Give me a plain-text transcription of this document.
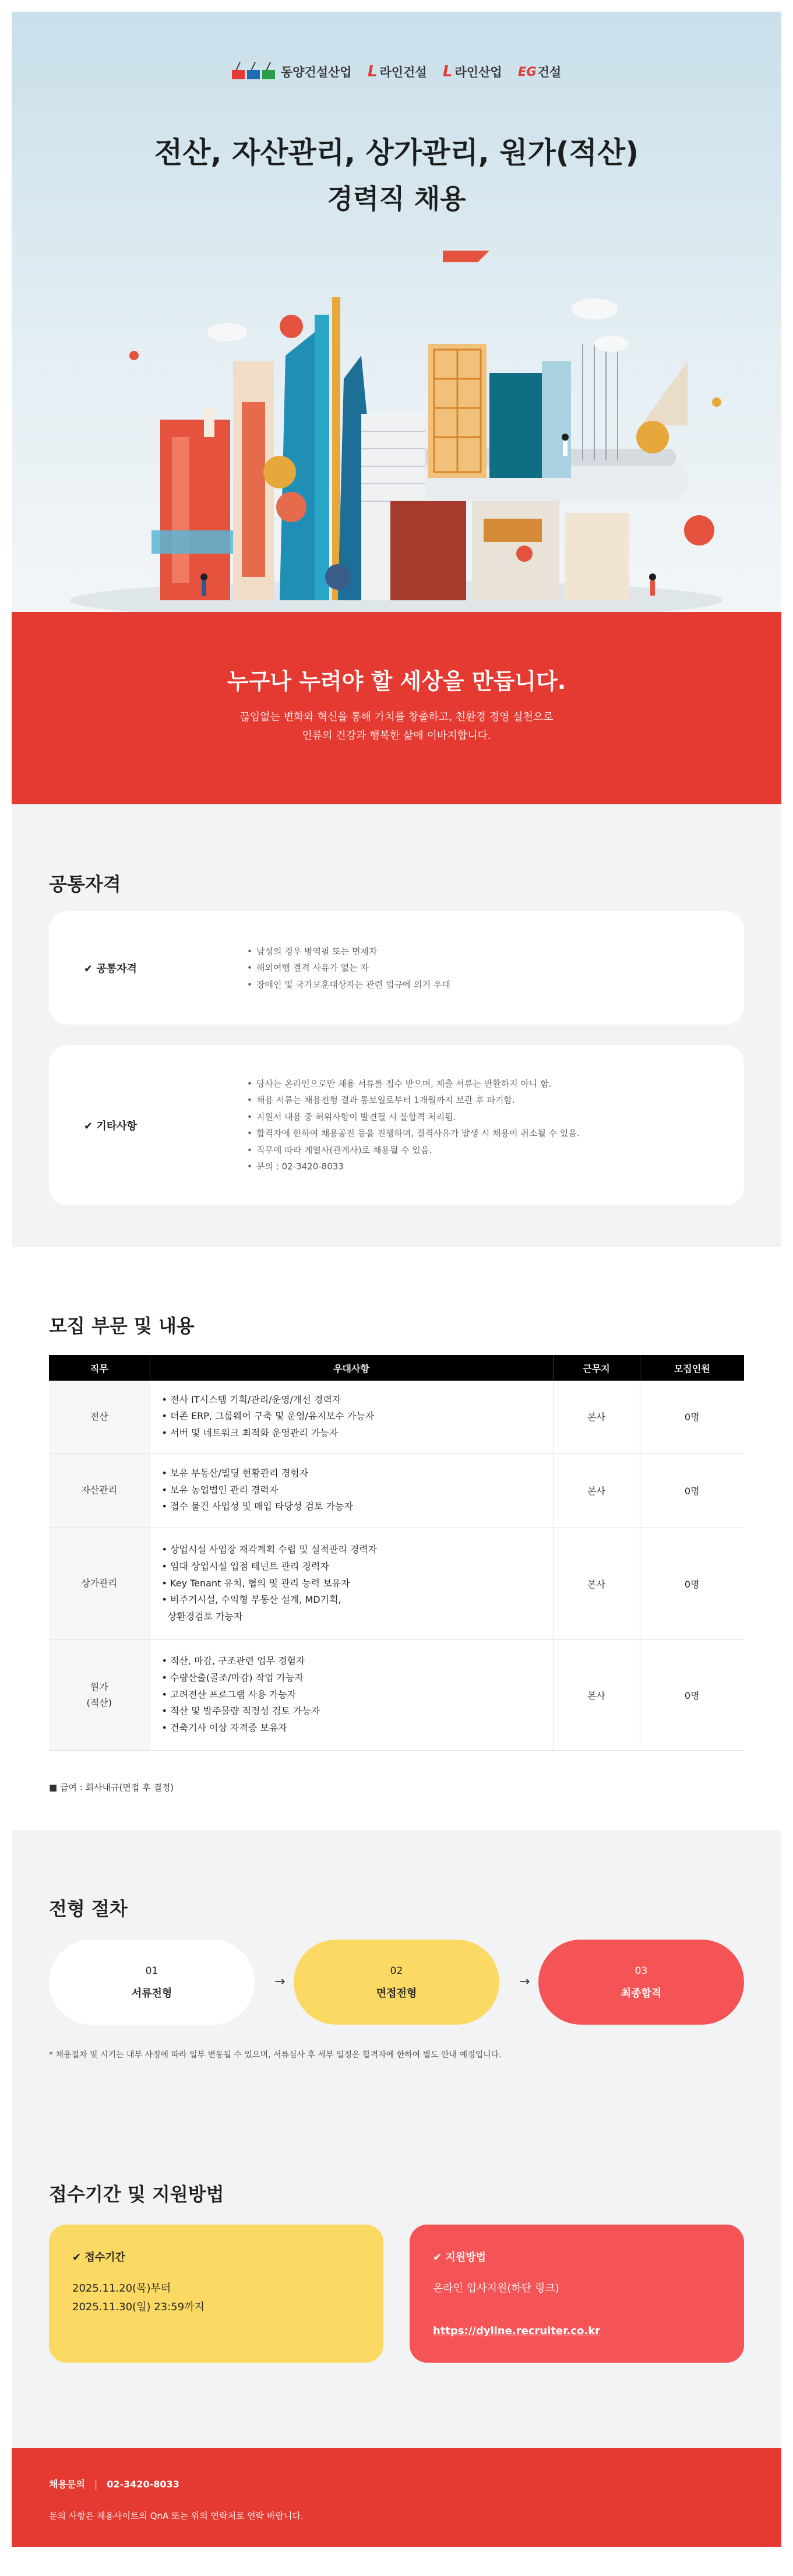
동양건설산업
L 라인건설
L 라인산업
EG 건설
전산, 자산관리, 상가관리, 원가(적산)
경력직 채용
누구나 누려야 할 세상을 만듭니다.

끊임없는 변화와 혁신을 통해 가치를 창출하고, 친환경 경영 실천으로
인류의 건강과 행복한 삶에 이바지합니다.

공통자격
✔ 공통자격
• 남성의 경우 병역필 또는 면제자
• 해외여행 결격 사유가 없는 자
• 장애인 및 국가보훈대상자는 관련 법규에 의거 우대
✔ 기타사항
• 당사는 온라인으로만 채용 서류를 접수 받으며, 제출 서류는 반환하지 아니 함.
• 채용 서류는 채용전형 결과 통보일로부터 1개월까지 보관 후 파기함.
• 지원서 내용 중 허위사항이 발견될 시 불합격 처리됨.
• 합격자에 한하여 채용공진 등을 진행하며, 결격사유가 발생 시 채용이 취소될 수 있음.
• 직무에 따라 계열사(관계사)로 채용될 수 있음.
• 문의 : 02-3420-8033
모집 부문 및 내용
직무	우대사항	근무지	모집인원
전산	• 전사 IT시스템 기획/관리/운영/개선 경력자
• 더존 ERP, 그룹웨어 구축 및 운영/유지보수 가능자
• 서버 및 네트워크 최적화 운영관리 가능자	본사	0명
자산관리	• 보유 부동산/빌딩 현황관리 경험자
• 보유 농업법인 관리 경력자
• 접수 물건 사업성 및 매입 타당성 검토 가능자	본사	0명
상가관리	• 상업시설 사업장 재각계획 수립 및 실적관리 경력자
• 임대 상업시설 입점 테넌트 관리 경력자
• Key Tenant 유치, 협의 및 관리 능력 보유자
• 비주거시설, 수익형 부동산 설계, MD기획,
상환경검토 가능자	본사	0명
원가
(적산)	• 적산, 마감, 구조관련 업무 경험자
• 수량산출(골조/마감) 작업 가능자
• 고려전산 프로그램 사용 가능자
• 적산 및 발주물량 적정성 검토 가능자
• 건축기사 이상 자격증 보유자	본사	0명
■ 급여 : 회사내규(면접 후 결정)
전형 절차
01
서류전형
→
02
면접전형
→
03
최종합격
* 채용절차 및 시기는 내부 사정에 따라 일부 변동될 수 있으며, 서류심사 후 세부 일정은 합격자에 한하여 별도 안내 예정입니다.
접수기간 및 지원방법
✔ 접수기간
2025.11.20(목)부터
2025.11.30(일) 23:59까지
✔ 지원방법
온라인 입사지원(하단 링크)
https://dyline.recruiter.co.kr
채용문의 | 02-3420-8033
문의 사항은 채용사이트의 QnA 또는 위의 연락처로 연락 바랍니다.
